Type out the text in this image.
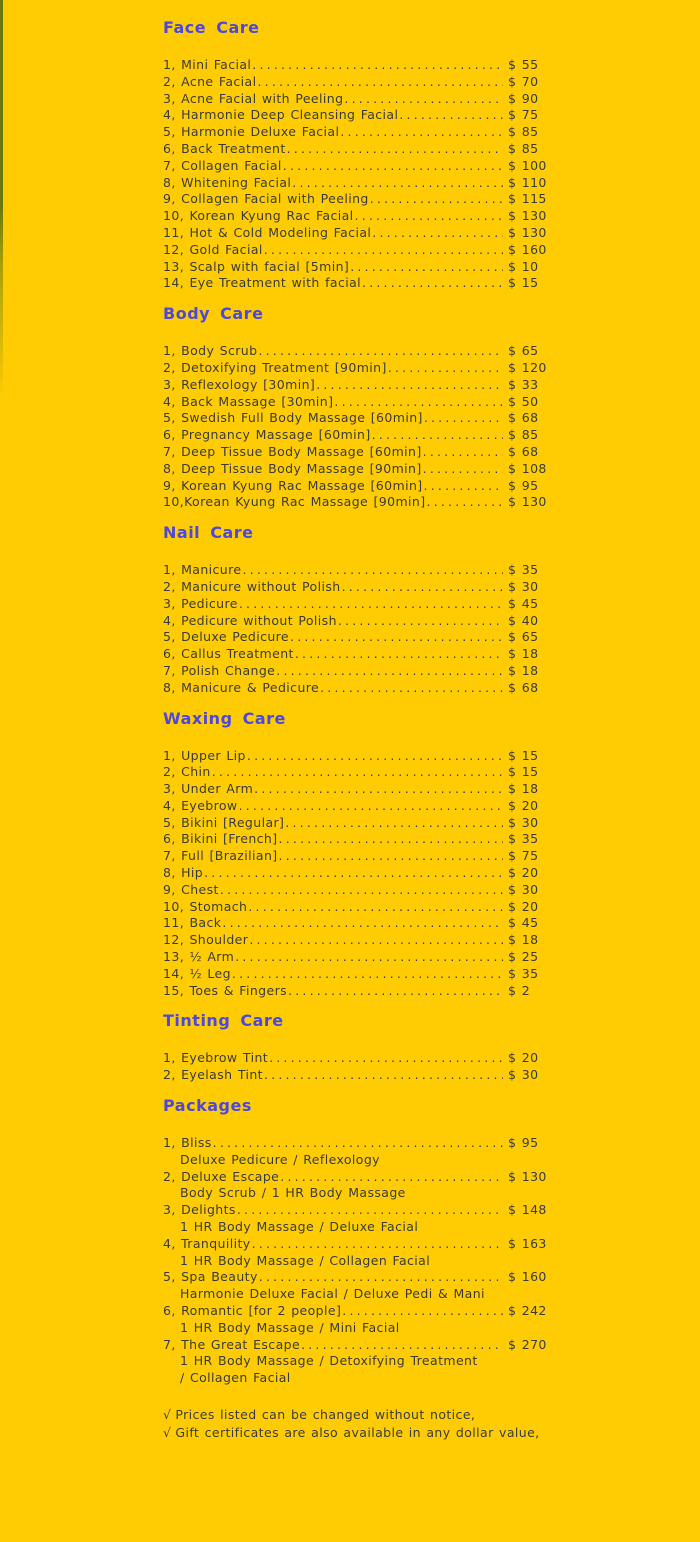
Face Care
1, Mini Facial .....	$ 55
2, Acne Facial .....	$ 70
3, Acne Facial with Peeling .....	$ 90
4, Harmonie Deep Cleansing Facial .....	$ 75
5, Harmonie Deluxe Facial .....	$ 85
6, Back Treatment .....	$ 85
7, Collagen Facial .....	$ 100
8, Whitening Facial .....	$ 110
9, Collagen Facial with Peeling .....	$ 115
10, Korean Kyung Rac Facial .....	$ 130
11, Hot & Cold Modeling Facial .....	$ 130
12, Gold Facial .....	$ 160
13, Scalp with facial [5min] .....	$ 10
14, Eye Treatment with facial .....	$ 15
Body Care
1, Body Scrub .....	$ 65
2, Detoxifying Treatment [90min] .....	$ 120
3, Reflexology [30min] .....	$ 33
4, Back Massage [30min] .....	$ 50
5, Swedish Full Body Massage [60min] .....	$ 68
6, Pregnancy Massage [60min] .....	$ 85
7, Deep Tissue Body Massage [60min] .....	$ 68
8, Deep Tissue Body Massage [90min] .....	$ 108
9, Korean Kyung Rac Massage [60min] .....	$ 95
10,Korean Kyung Rac Massage [90min] .....	$ 130
Nail Care
1, Manicure .....	$ 35
2, Manicure without Polish .....	$ 30
3, Pedicure .....	$ 45
4, Pedicure without Polish .....	$ 40
5, Deluxe Pedicure .....	$ 65
6, Callus Treatment .....	$ 18
7, Polish Change .....	$ 18
8, Manicure & Pedicure .....	$ 68
Waxing Care
1, Upper Lip .....	$ 15
2, Chin .....	$ 15
3, Under Arm .....	$ 18
4, Eyebrow .....	$ 20
5, Bikini [Regular] .....	$ 30
6, Bikini [French] .....	$ 35
7, Full [Brazilian] .....	$ 75
8, Hip .....	$ 20
9, Chest .....	$ 30
10, Stomach .....	$ 20
11, Back .....	$ 45
12, Shoulder .....	$ 18
13, ½ Arm .....	$ 25
14, ½ Leg .....	$ 35
15, Toes & Fingers .....	$ 2
Tinting Care
1, Eyebrow Tint .....	$ 20
2, Eyelash Tint .....	$ 30
Packages
1, Bliss .....	$ 95
Deluxe Pedicure / Reflexology
2, Deluxe Escape .....	$ 130
Body Scrub / 1 HR Body Massage
3, Delights .....	$ 148
1 HR Body Massage / Deluxe Facial
4, Tranquility .....	$ 163
1 HR Body Massage / Collagen Facial
5, Spa Beauty .....	$ 160
Harmonie Deluxe Facial / Deluxe Pedi & Mani
6, Romantic [for 2 people] .....	$ 242
1 HR Body Massage / Mini Facial
7, The Great Escape .....	$ 270
1 HR Body Massage / Detoxifying Treatment
/ Collagen Facial
√ Prices listed can be changed without notice,
√ Gift certificates are also available in any dollar value,
